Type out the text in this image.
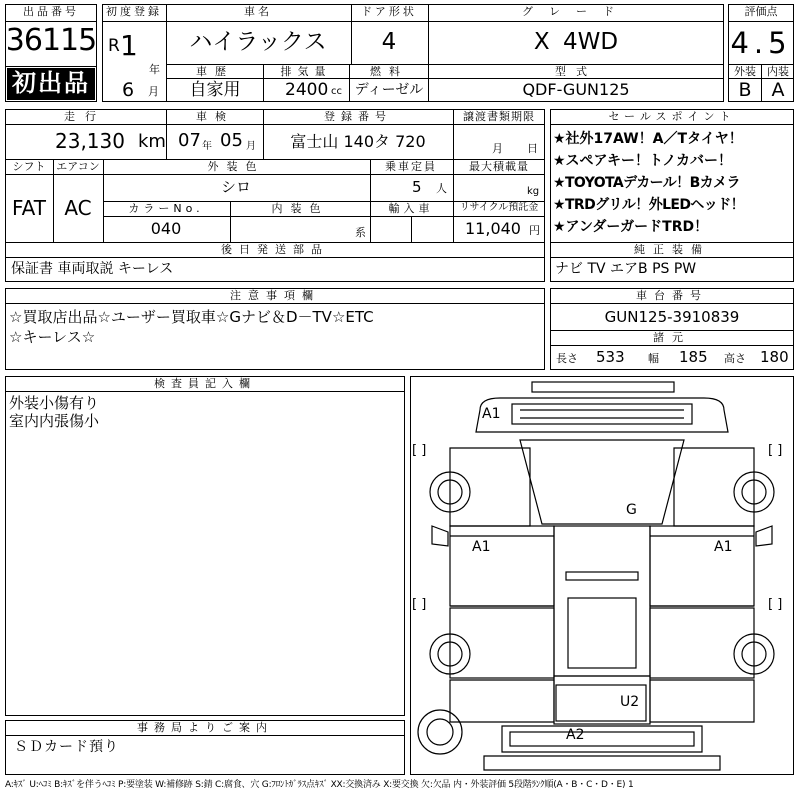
出品番号
36115
初出品
初度登録
R 1
年
6 月
車名
ハイラックス
ドア形状
4
グレード
X 4WD
車歴
自家用
排気量
2400 cc
燃料
ディーゼル
型式
QDF-GUN125
評価点
4.5
外装 内装
B A
走行
23,130 km
車検
07 年 05 月
登録番号
富士山 140タ 720
譲渡書類期限
月 日
シフト
FAT
エアコン
AC
外装色
シロ
乗車定員
5 人
最大積載量
kg
カラーNo.
040
内装色
系
輸入車	リサイクル預託金
11,040 円
後日発送部品
保証書 車両取説 キーレス
セールスポイント
★社外17AW！A／Tタイヤ！
★スペアキー！トノカバー！
★TOYOTAデカール！Bカメラ
★TRDグリル！外LEDヘッド！
★アンダーガードTRD！
純正装備
ナビ TV エアB PS PW
注意事項欄
☆買取店出品☆ユーザー買取車☆Gナビ＆D－TV☆ETC
☆キーレス☆
車台番号
GUN125-3910839
諸元
長さ 533 幅 185 高さ 180
検査員記入欄
外装小傷有り
室内内張傷小
事務局よりご案内
ＳＤカード預り
A1
G
A1	A1
U2
A2
[ ]	[ ]
[ ]	[ ]
A:ｷｽﾞ U:ﾍｺﾐ B:ｷｽﾞを伴うﾍｺﾐ P:要塗装 W:補修跡 S:錆 C:腐食、穴 G:ﾌﾛﾝﾄｶﾞﾗｽ点ｷｽﾞ XX:交換済み X:要交換 欠:欠品 内・外装評価 5段階ﾗﾝｸ順(A・B・C・D・E) 1
